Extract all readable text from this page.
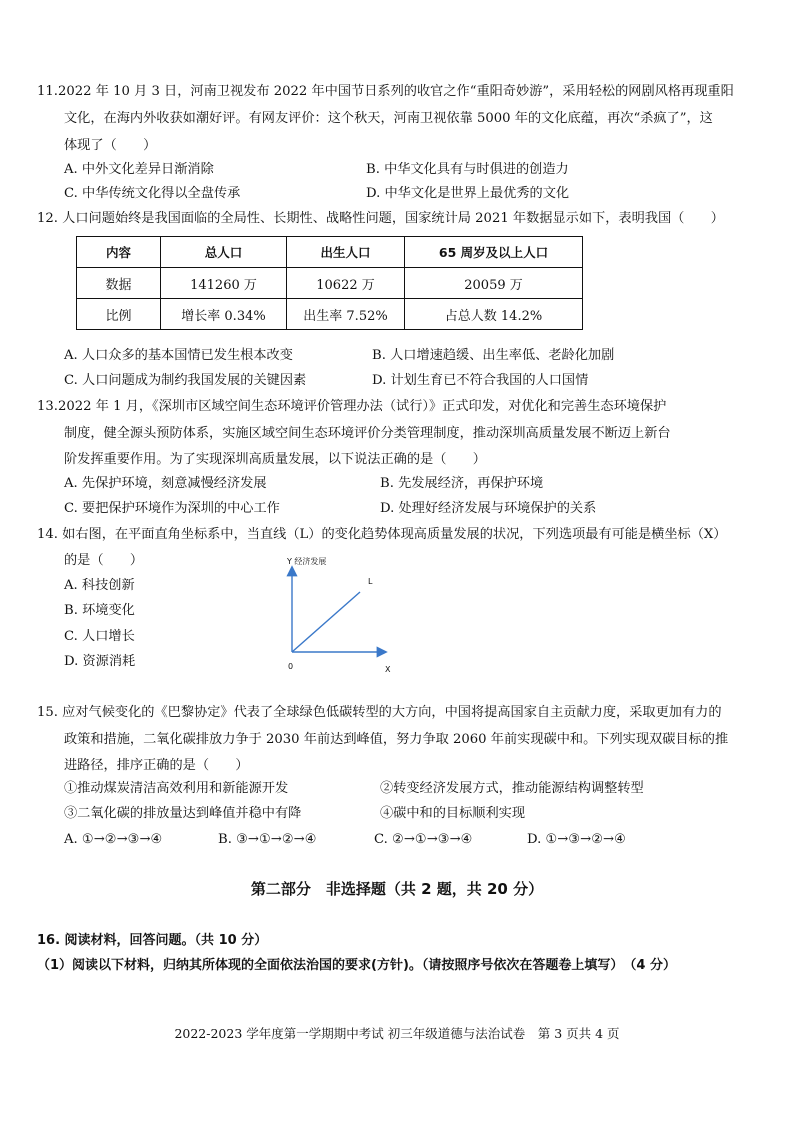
11.2022 年 10 月 3 日，河南卫视发布 2022 年中国节日系列的收官之作“重阳奇妙游”，采用轻松的网剧风格再现重阳
文化，在海内外收获如潮好评。有网友评价：这个秋天，河南卫视依靠 5000 年的文化底蕴，再次“杀疯了”，这
体现了（　　）
A. 中外文化差异日渐消除	B. 中华文化具有与时俱进的创造力
C. 中华传统文化得以全盘传承	D. 中华文化是世界上最优秀的文化
12. 人口问题始终是我国面临的全局性、长期性、战略性问题，国家统计局 2021 年数据显示如下，表明我国（　　）
内容	总人口	出生人口	65 周岁及以上人口
数据	141260 万	10622 万	20059 万
比例	增长率 0.34%	出生率 7.52%	占总人数 14.2%
A. 人口众多的基本国情已发生根本改变	B. 人口增速趋缓、出生率低、老龄化加剧
C. 人口问题成为制约我国发展的关键因素	D. 计划生育已不符合我国的人口国情
13.2022 年 1 月，《深圳市区域空间生态环境评价管理办法（试行）》正式印发，对优化和完善生态环境保护
制度，健全源头预防体系，实施区域空间生态环境评价分类管理制度，推动深圳高质量发展不断迈上新台
阶发挥重要作用。为了实现深圳高质量发展，以下说法正确的是（　　）
A. 先保护环境，刻意减慢经济发展	B. 先发展经济，再保护环境
C. 要把保护环境作为深圳的中心工作	D. 处理好经济发展与环境保护的关系
14. 如右图，在平面直角坐标系中，当直线（L）的变化趋势体现高质量发展的状况，下列选项最有可能是横坐标（X）
的是（　　）
A. 科技创新
B. 环境变化
C. 人口增长
D. 资源消耗
Y 经济发展
L
0	X
15. 应对气候变化的《巴黎协定》代表了全球绿色低碳转型的大方向，中国将提高国家自主贡献力度，采取更加有力的
政策和措施，二氧化碳排放力争于 2030 年前达到峰值，努力争取 2060 年前实现碳中和。下列实现双碳目标的推
进路径，排序正确的是（　　）
①推动煤炭清洁高效利用和新能源开发	②转变经济发展方式，推动能源结构调整转型
③二氧化碳的排放量达到峰值并稳中有降	④碳中和的目标顺利实现
A. ①→②→③→④	B. ③→①→②→④	C. ②→①→③→④	D. ①→③→②→④
第二部分　非选择题（共 2 题，共 20 分）
16. 阅读材料，回答问题。（共 10 分）
（1）阅读以下材料，归纳其所体现的全面依法治国的要求(方针)。（请按照序号依次在答题卷上填写）　（4 分）
2022-2023 学年度第一学期期中考试 初三年级道德与法治试卷　第 3 页共 4 页
